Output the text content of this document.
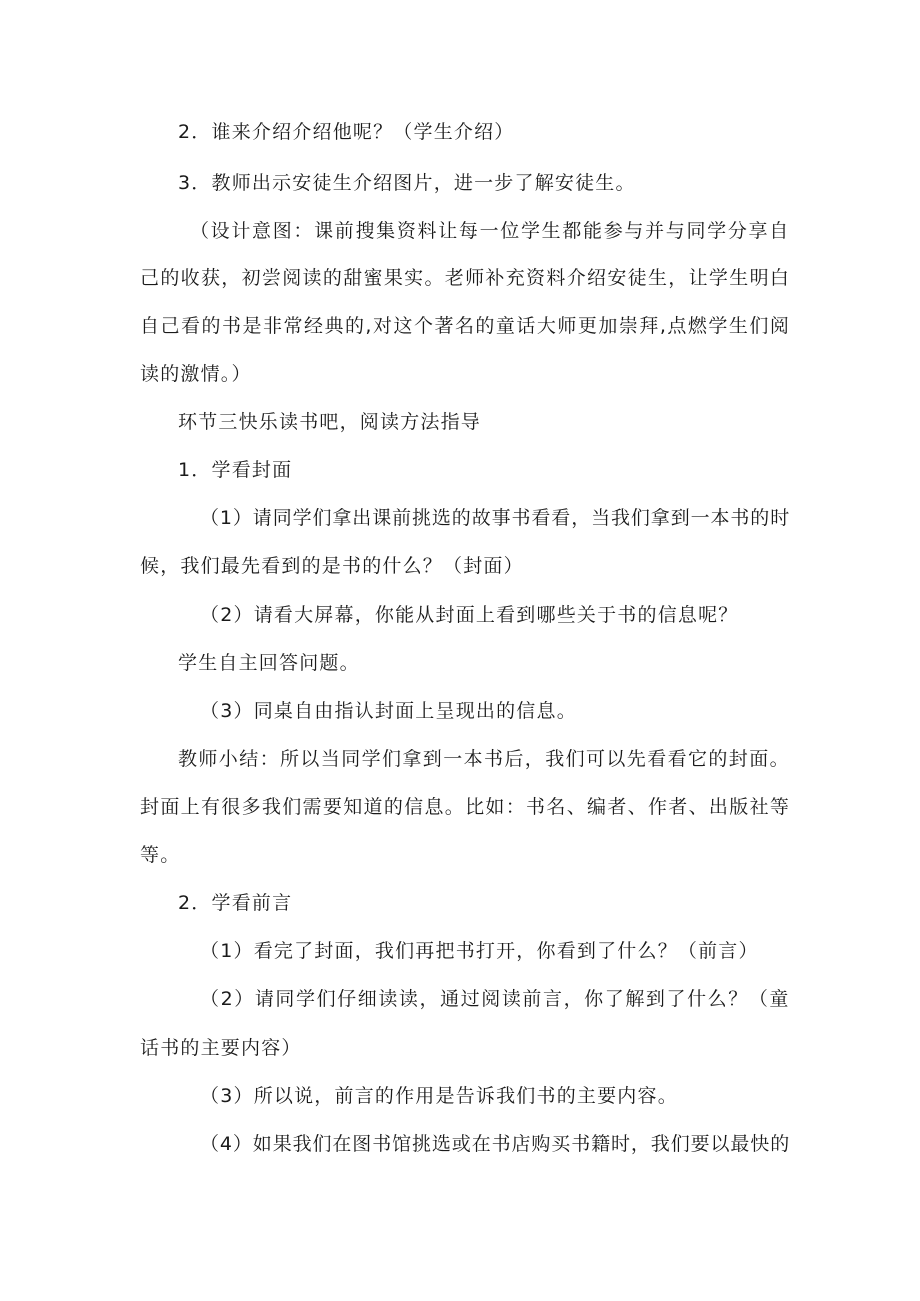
2．谁来介绍介绍他呢？（学生介绍）
3．教师出示安徒生介绍图片，进一步了解安徒生。
（设计意图：课前搜集资料让每一位学生都能参与并与同学分享自
己的收获，初尝阅读的甜蜜果实。老师补充资料介绍安徒生，让学生明白
自己看的书是非常经典的,对这个著名的童话大师更加崇拜,点燃学生们阅
读的激情。）
环节三快乐读书吧，阅读方法指导
1．学看封面
（1）请同学们拿出课前挑选的故事书看看，当我们拿到一本书的时
候，我们最先看到的是书的什么？（封面）
（2）请看大屏幕，你能从封面上看到哪些关于书的信息呢？
学生自主回答问题。
（3）同桌自由指认封面上呈现出的信息。
教师小结：所以当同学们拿到一本书后，我们可以先看看它的封面。
封面上有很多我们需要知道的信息。比如：书名、编者、作者、出版社等
等。
2．学看前言
（1）看完了封面，我们再把书打开，你看到了什么？（前言）
（2）请同学们仔细读读，通过阅读前言，你了解到了什么？（童
话书的主要内容）
（3）所以说，前言的作用是告诉我们书的主要内容。
（4）如果我们在图书馆挑选或在书店购买书籍时，我们要以最快的
